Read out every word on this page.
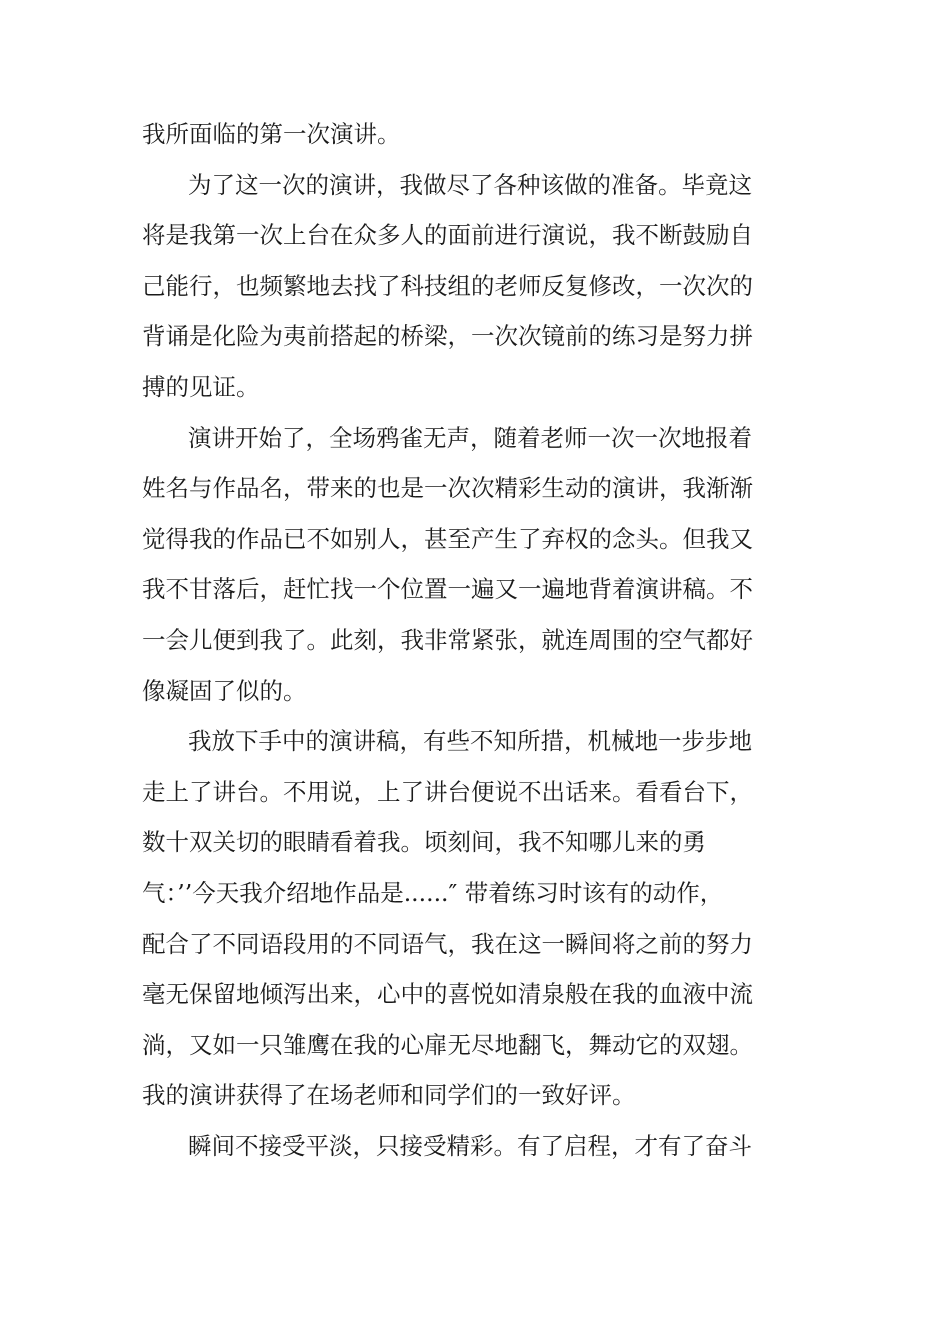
我所面临的第一次演讲。
为了这一次的演讲，我做尽了各种该做的准备。毕竟这
将是我第一次上台在众多人的面前进行演说，我不断鼓励自
己能行，也频繁地去找了科技组的老师反复修改，一次次的
背诵是化险为夷前搭起的桥梁，一次次镜前的练习是努力拼
搏的见证。
演讲开始了，全场鸦雀无声，随着老师一次一次地报着
姓名与作品名，带来的也是一次次精彩生动的演讲，我渐渐
觉得我的作品已不如别人，甚至产生了弃权的念头。但我又
我不甘落后，赶忙找一个位置一遍又一遍地背着演讲稿。不
一会儿便到我了。此刻，我非常紧张，就连周围的空气都好
像凝固了似的。
我放下手中的演讲稿，有些不知所措，机械地一步步地
走上了讲台。不用说，上了讲台便说不出话来。看看台下，
数十双关切的眼睛看着我。顷刻间，我不知哪儿来的勇
气：’’今天我介绍地作品是......″ 带着练习时该有的动作，
配合了不同语段用的不同语气，我在这一瞬间将之前的努力
毫无保留地倾泻出来，心中的喜悦如清泉般在我的血液中流
淌，又如一只雏鹰在我的心扉无尽地翻飞，舞动它的双翅。
我的演讲获得了在场老师和同学们的一致好评。
瞬间不接受平淡，只接受精彩。有了启程，才有了奋斗
